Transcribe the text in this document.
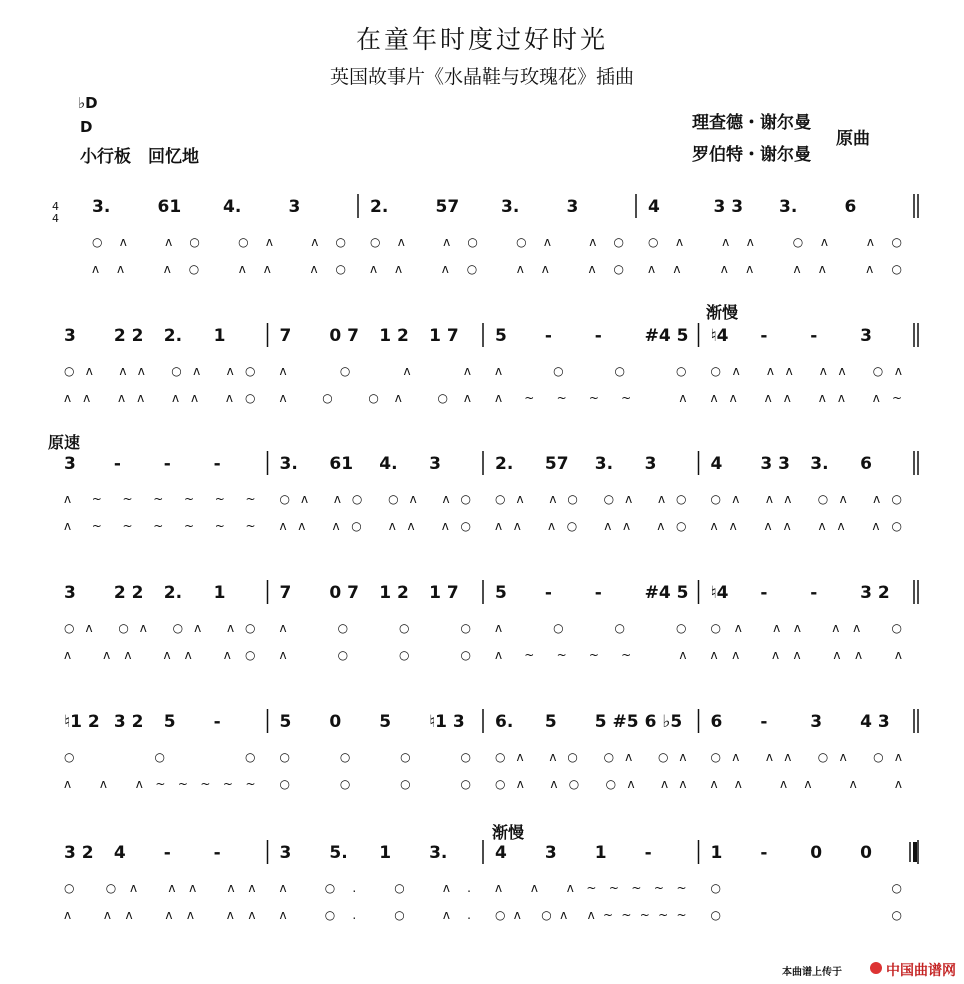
在童年时度过好时光
英国故事片《水晶鞋与玫瑰花》插曲
♭D
D
小行板　回忆地
理查德・谢尔曼
罗伯特・谢尔曼
原曲
渐慢
原速
渐慢
4
4
3.	61 4.	3	2.	57 3.	3	4	3 3 3.	6
○ʌ ʌ○ ○ʌ ʌ○ ○ʌ ʌ○ ○ʌ ʌ○ ○ʌ ʌʌ ○ʌ ʌ○
ʌʌ ʌ○ ʌʌ ʌ○ ʌʌ ʌ○ ʌʌ ʌ○ ʌʌ ʌʌ ʌʌ ʌ○
3 2 2 2. 1	7 0 7 1 2 1 7 5 -	-	#4 5 ♮4 -	-	3
○ʌ ʌʌ ○ʌ ʌ○ ʌ ○ ʌ ʌ ʌ ○ ○ ○ ○ʌ ʌʌ ʌʌ ○ʌ
ʌʌ ʌʌ ʌʌ ʌ○ ʌ ○ ○ʌ ○ʌ ʌ~~~~ ʌ ʌʌ ʌʌ ʌʌ ʌ~
3 -	-	-	3. 61 4. 3	2. 57 3. 3	4 3 3 3. 6
ʌ~~~~~~ ○ʌ ʌ○ ○ʌ ʌ○ ○ʌ ʌ○ ○ʌ ʌ○ ○ʌ ʌʌ ○ʌ ʌ○
ʌ~~~~~~ ʌʌ ʌ○ ʌʌ ʌ○ ʌʌ ʌ○ ʌʌ ʌ○ ʌʌ ʌʌ ʌʌ ʌ○
3 2 2 2. 1	7 0 7 1 2 1 7 5 -	-	#4 5 ♮4 -	-	3 2
○ʌ ○ʌ ○ʌ ʌ○ ʌ ○ ○ ○ ʌ ○ ○ ○ ○ʌ ʌʌ ʌʌ ○
ʌ ʌʌ ʌʌ ʌ○ ʌ ○ ○ ○ ʌ~~~~ ʌ ʌʌ ʌʌ ʌʌ ʌ
♮1 2 3 2 5 -	5 0 5 ♮1 3 6. 5 5 #5 6 ♭5 6 -	3 4 3
○ ○ ○ ○ ○ ○ ○ ○ʌ ʌ○ ○ʌ ○ʌ ○ʌ ʌʌ ○ʌ ○ʌ
ʌ ʌ ʌ~~~~~ ○ ○ ○ ○ ○ʌ ʌ○ ○ʌ ʌʌ ʌʌ ʌʌ ʌ ʌ
3 2 4 -	-	3 5. 1 3.	4 3 1 -	1 -	0 0
○ ○ʌ ʌʌ ʌʌ ʌ ○. ○ ʌ. ʌ ʌ ʌ~~~~~ ○ ○
ʌ ʌʌ ʌʌ ʌʌ ʌ ○. ○ ʌ. ○ʌ ○ʌ ʌ~~~~~ ○ ○
本曲谱上传于	中国曲谱网
